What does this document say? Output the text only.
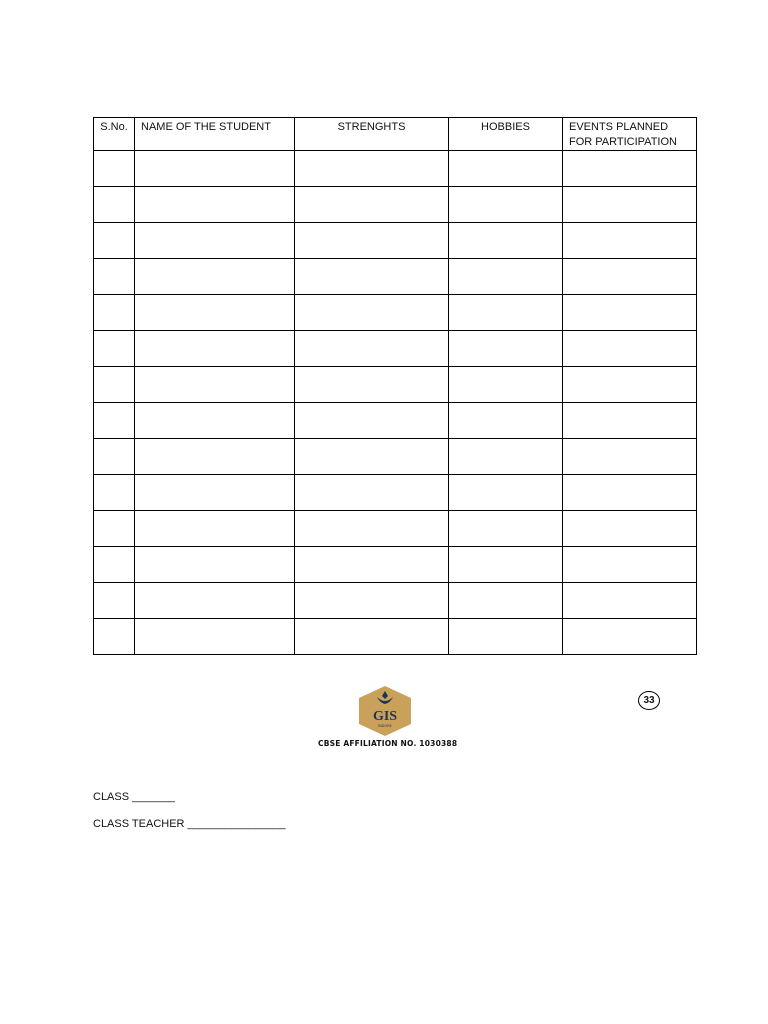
S.No.	NAME OF THE STUDENT	STRENGHTS	HOBBIES	EVENTS PLANNED FOR PARTICIPATION

GIS
INDORE
CBSE AFFILIATION NO. 1030388
33
CLASS _______
CLASS TEACHER ________________
